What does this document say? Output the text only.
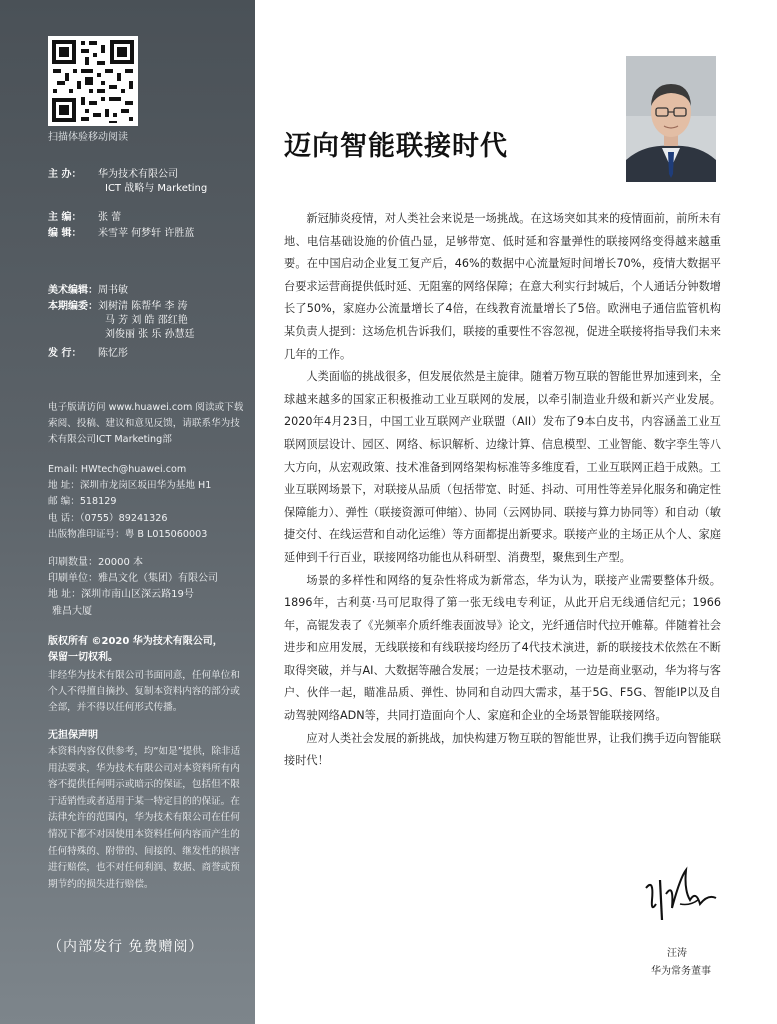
扫描体验移动阅读
主 办： 华为技术有限公司
ICT 战略与 Marketing
主 编： 张 蕾
编 辑： 米雪苹 何梦轩 许胜蓝
美术编辑：周书敏
本期编委：刘树清 陈帮华 李 涛
马 芳 刘 皓 邵红艳
刘俊丽 张 乐 孙慧廷
发 行： 陈忆彤
电子版请访问 www.huawei.com 阅读或下载索阅、投稿、建议和意见反馈，请联系华为技术有限公司ICT Marketing部
Email: HWtech@huawei.com
地 址：深圳市龙岗区坂田华为基地 H1
邮 编：518129
电 话：（0755）89241326
出版物准印证号：粤 B L015060003
印刷数量：20000 本
印刷单位：雅昌文化（集团）有限公司
地 址：深圳市南山区深云路19号
雅昌大厦
版权所有 ©2020 华为技术有限公司，
保留一切权利。
非经华为技术有限公司书面同意，任何单位和个人不得擅自摘抄、复制本资料内容的部分或全部，并不得以任何形式传播。
无担保声明
本资料内容仅供参考，均“如是”提供，除非适用法要求，华为技术有限公司对本资料所有内容不提供任何明示或暗示的保证，包括但不限于适销性或者适用于某一特定目的的保证。在法律允许的范围内，华为技术有限公司在任何情况下都不对因使用本资料任何内容而产生的任何特殊的、附带的、间接的、继发性的损害进行赔偿，也不对任何利润、数据、商誉或预期节约的损失进行赔偿。
（内部发行 免费赠阅）
迈向智能联接时代

新冠肺炎疫情，对人类社会来说是一场挑战。在这场突如其来的疫情面前，前所未有地、电信基础设施的价值凸显，足够带宽、低时延和容量弹性的联接网络变得越来越重要。在中国启动企业复工复产后，46%的数据中心流量短时间增长70%，疫情大数据平台要求运营商提供低时延、无阻塞的网络保障；在意大利实行封城后，个人通话分钟数增长了50%，家庭办公流量增长了4倍，在线教育流量增长了5倍。欧洲电子通信监管机构某负责人提到：这场危机告诉我们，联接的重要性不容忽视，促进全联接将指导我们未来几年的工作。

人类面临的挑战很多，但发展依然是主旋律。随着万物互联的智能世界加速到来，全球越来越多的国家正积极推动工业互联网的发展，以牵引制造业升级和新兴产业发展。2020年4月23日，中国工业互联网产业联盟（AII）发布了9本白皮书，内容涵盖工业互联网顶层设计、园区、网络、标识解析、边缘计算、信息模型、工业智能、数字孪生等八大方向，从宏观政策、技术准备到网络架构标准等多维度看，工业互联网正趋于成熟。工业互联网场景下，对联接从品质（包括带宽、时延、抖动、可用性等差异化服务和确定性保障能力）、弹性（联接资源可伸缩）、协同（云网协同、联接与算力协同等）和自动（敏捷交付、在线运营和自动化运维）等方面都提出新要求。联接产业的主场正从个人、家庭延伸到千行百业，联接网络功能也从科研型、消费型，聚焦到生产型。

场景的多样性和网络的复杂性将成为新常态，华为认为，联接产业需要整体升级。1896年，古利莫·马可尼取得了第一张无线电专利证，从此开启无线通信纪元；1966年，高锟发表了《光频率介质纤维表面波导》论文，光纤通信时代拉开帷幕。伴随着社会进步和应用发展，无线联接和有线联接均经历了4代技术演进，新的联接技术依然在不断取得突破，并与AI、大数据等融合发展；一边是技术驱动，一边是商业驱动，华为将与客户、伙伴一起，瞄准品质、弹性、协同和自动四大需求，基于5G、F5G、智能IP以及自动驾驶网络ADN等，共同打造面向个人、家庭和企业的全场景智能联接网络。

应对人类社会发展的新挑战，加快构建万物互联的智能世界，让我们携手迈向智能联接时代！

汪涛
华为常务董事
